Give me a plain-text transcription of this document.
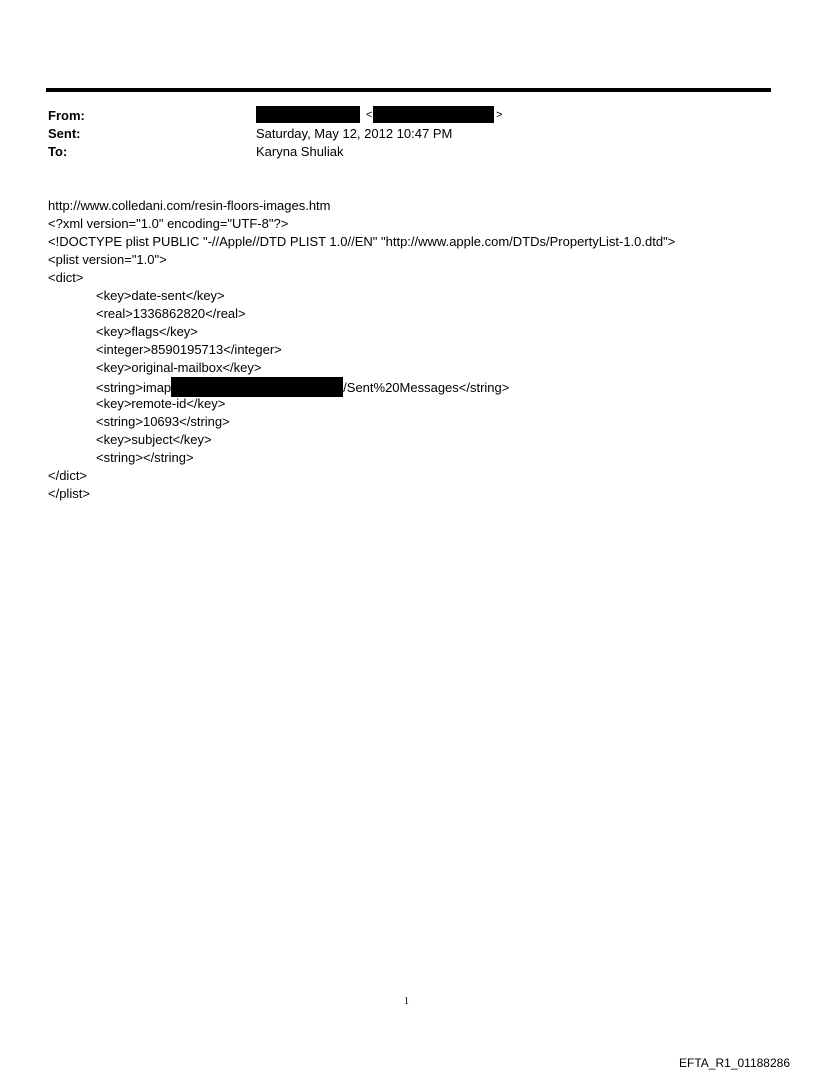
From:
Sent:
To:
<	>
Saturday, May 12, 2012 10:47 PM
Karyna Shuliak
http://www.colledani.com/resin-floors-images.htm
<?xml version="1.0" encoding="UTF-8"?>
<!DOCTYPE plist PUBLIC "-//Apple//DTD PLIST 1.0//EN" "http://www.apple.com/DTDs/PropertyList-1.0.dtd">
<plist version="1.0">
<dict>
<key>date-sent</key>
<real>1336862820</real>
<key>flags</key>
<integer>8590195713</integer>
<key>original-mailbox</key>
<string>imap	/Sent%20Messages</string>
<key>remote-id</key>
<string>10693</string>
<key>subject</key>
<string></string>
</dict>
</plist>
1
EFTA_R1_01188286
